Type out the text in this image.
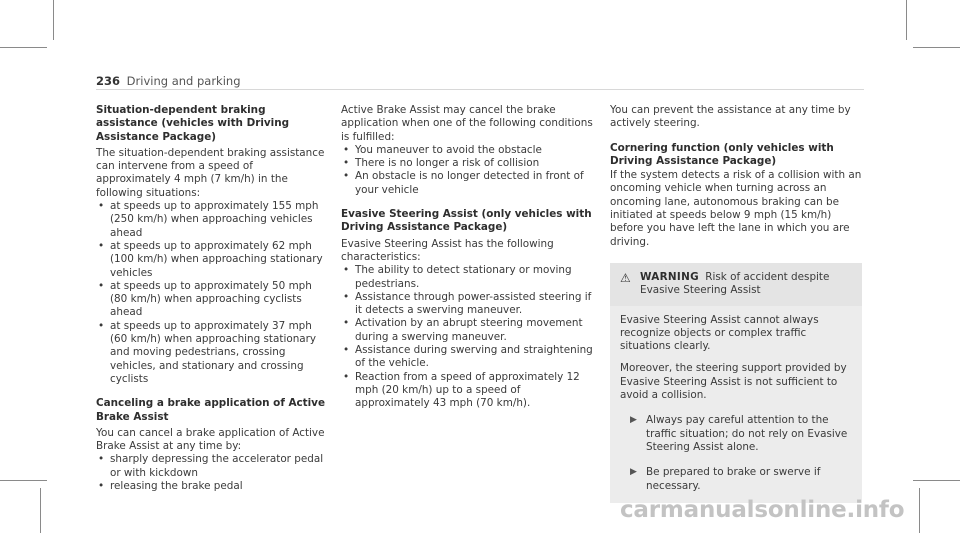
236 Driving and parking
Situation-dependent braking assistance (vehicles with Driving Assistance Package)
The situation-dependent braking assistance can intervene from a speed of approximately 4 mph (7 km/h) in the following situations:
• at speeds up to approximately 155 mph (250 km/h) when approaching vehicles ahead
• at speeds up to approximately 62 mph (100 km/h) when approaching stationary vehicles
• at speeds up to approximately 50 mph (80 km/h) when approaching cyclists ahead
• at speeds up to approximately 37 mph (60 km/h) when approaching stationary and moving pedestrians, crossing vehicles, and stationary and crossing cyclists
Canceling a brake application of Active Brake Assist
You can cancel a brake application of Active Brake Assist at any time by:
• sharply depressing the accelerator pedal or with kickdown
• releasing the brake pedal
Active Brake Assist may cancel the brake application when one of the following conditions is fulfilled:
• You maneuver to avoid the obstacle
• There is no longer a risk of collision
• An obstacle is no longer detected in front of your vehicle
Evasive Steering Assist (only vehicles with Driving Assistance Package)
Evasive Steering Assist has the following characteristics:
• The ability to detect stationary or moving pedestrians.
• Assistance through power-assisted steering if it detects a swerving maneuver.
• Activation by an abrupt steering movement during a swerving maneuver.
• Assistance during swerving and straightening of the vehicle.
• Reaction from a speed of approximately 12 mph (20 km/h) up to a speed of approximately 43 mph (70 km/h).
You can prevent the assistance at any time by actively steering.
Cornering function (only vehicles with Driving Assistance Package)
If the system detects a risk of a collision with an oncoming vehicle when turning across an oncoming lane, autonomous braking can be initiated at speeds below 9 mph (15 km/h) before you have left the lane in which you are driving.
⚠ WARNING Risk of accident despite Evasive Steering Assist
Evasive Steering Assist cannot always recognize objects or complex traffic situations clearly.
Moreover, the steering support provided by Evasive Steering Assist is not sufficient to avoid a collision.
▶ Always pay careful attention to the traffic situation; do not rely on Evasive Steering Assist alone.
▶ Be prepared to brake or swerve if necessary.
carmanualsonline.info
